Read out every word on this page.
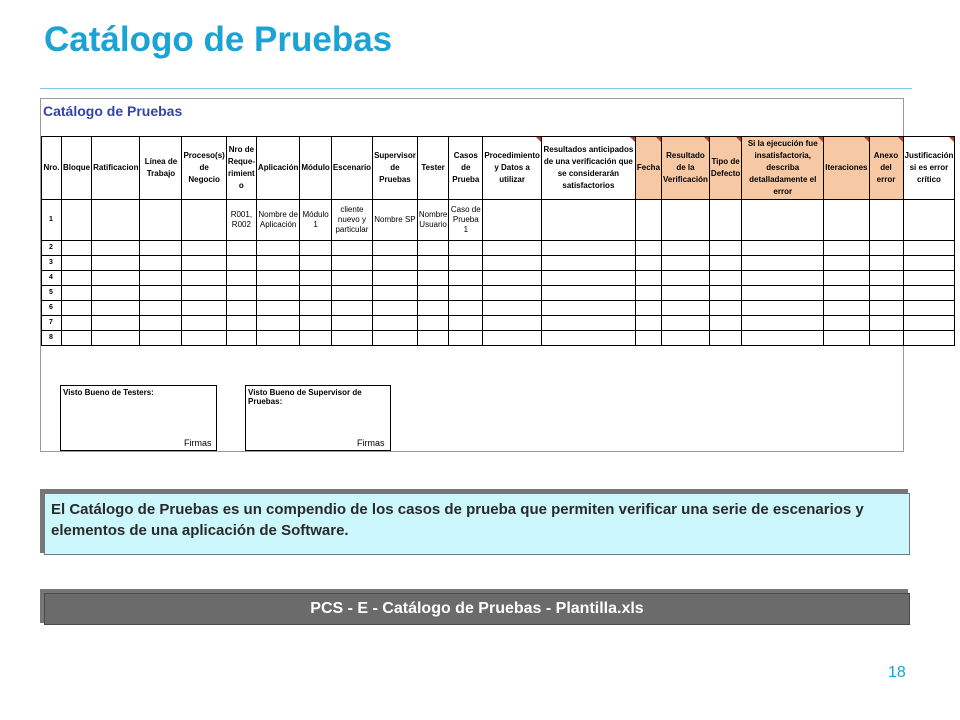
Catálogo de Pruebas
Catálogo de Pruebas
Nro.	Bloque	Ratificacion	Línea de Trabajo	Proceso(s) de Negocio	Nro de Reque-rimient o	Aplicación	Módulo	Escenario	Supervisor de Pruebas	Tester	Casos de Prueba	Procedimiento y Datos a utilizar	Resultados anticipados de una verificación que se considerarán satisfactorios	Fecha	Resultado de la Verificación	Tipo de Defecto	Si la ejecución fue insatisfactoria, describa detalladamente el error	Iteraciones	Anexo del error	Justificación si es error crítico

1					R001, R002	Nombre de Aplicación	Módulo 1	cliente nuevo y particular	Nombre SP	Nombre Usuario	Caso de Prueba 1									
2																				
3																				
4																				
5																				
6																				
7																				
8																				
Visto Bueno de Testers:
Firmas
Visto Bueno de Supervisor de Pruebas:
Firmas
El Catálogo de Pruebas es un compendio de los casos de prueba que permiten verificar una serie de escenarios y elementos de una aplicación de Software.
PCS - E - Catálogo de Pruebas - Plantilla.xls
18
